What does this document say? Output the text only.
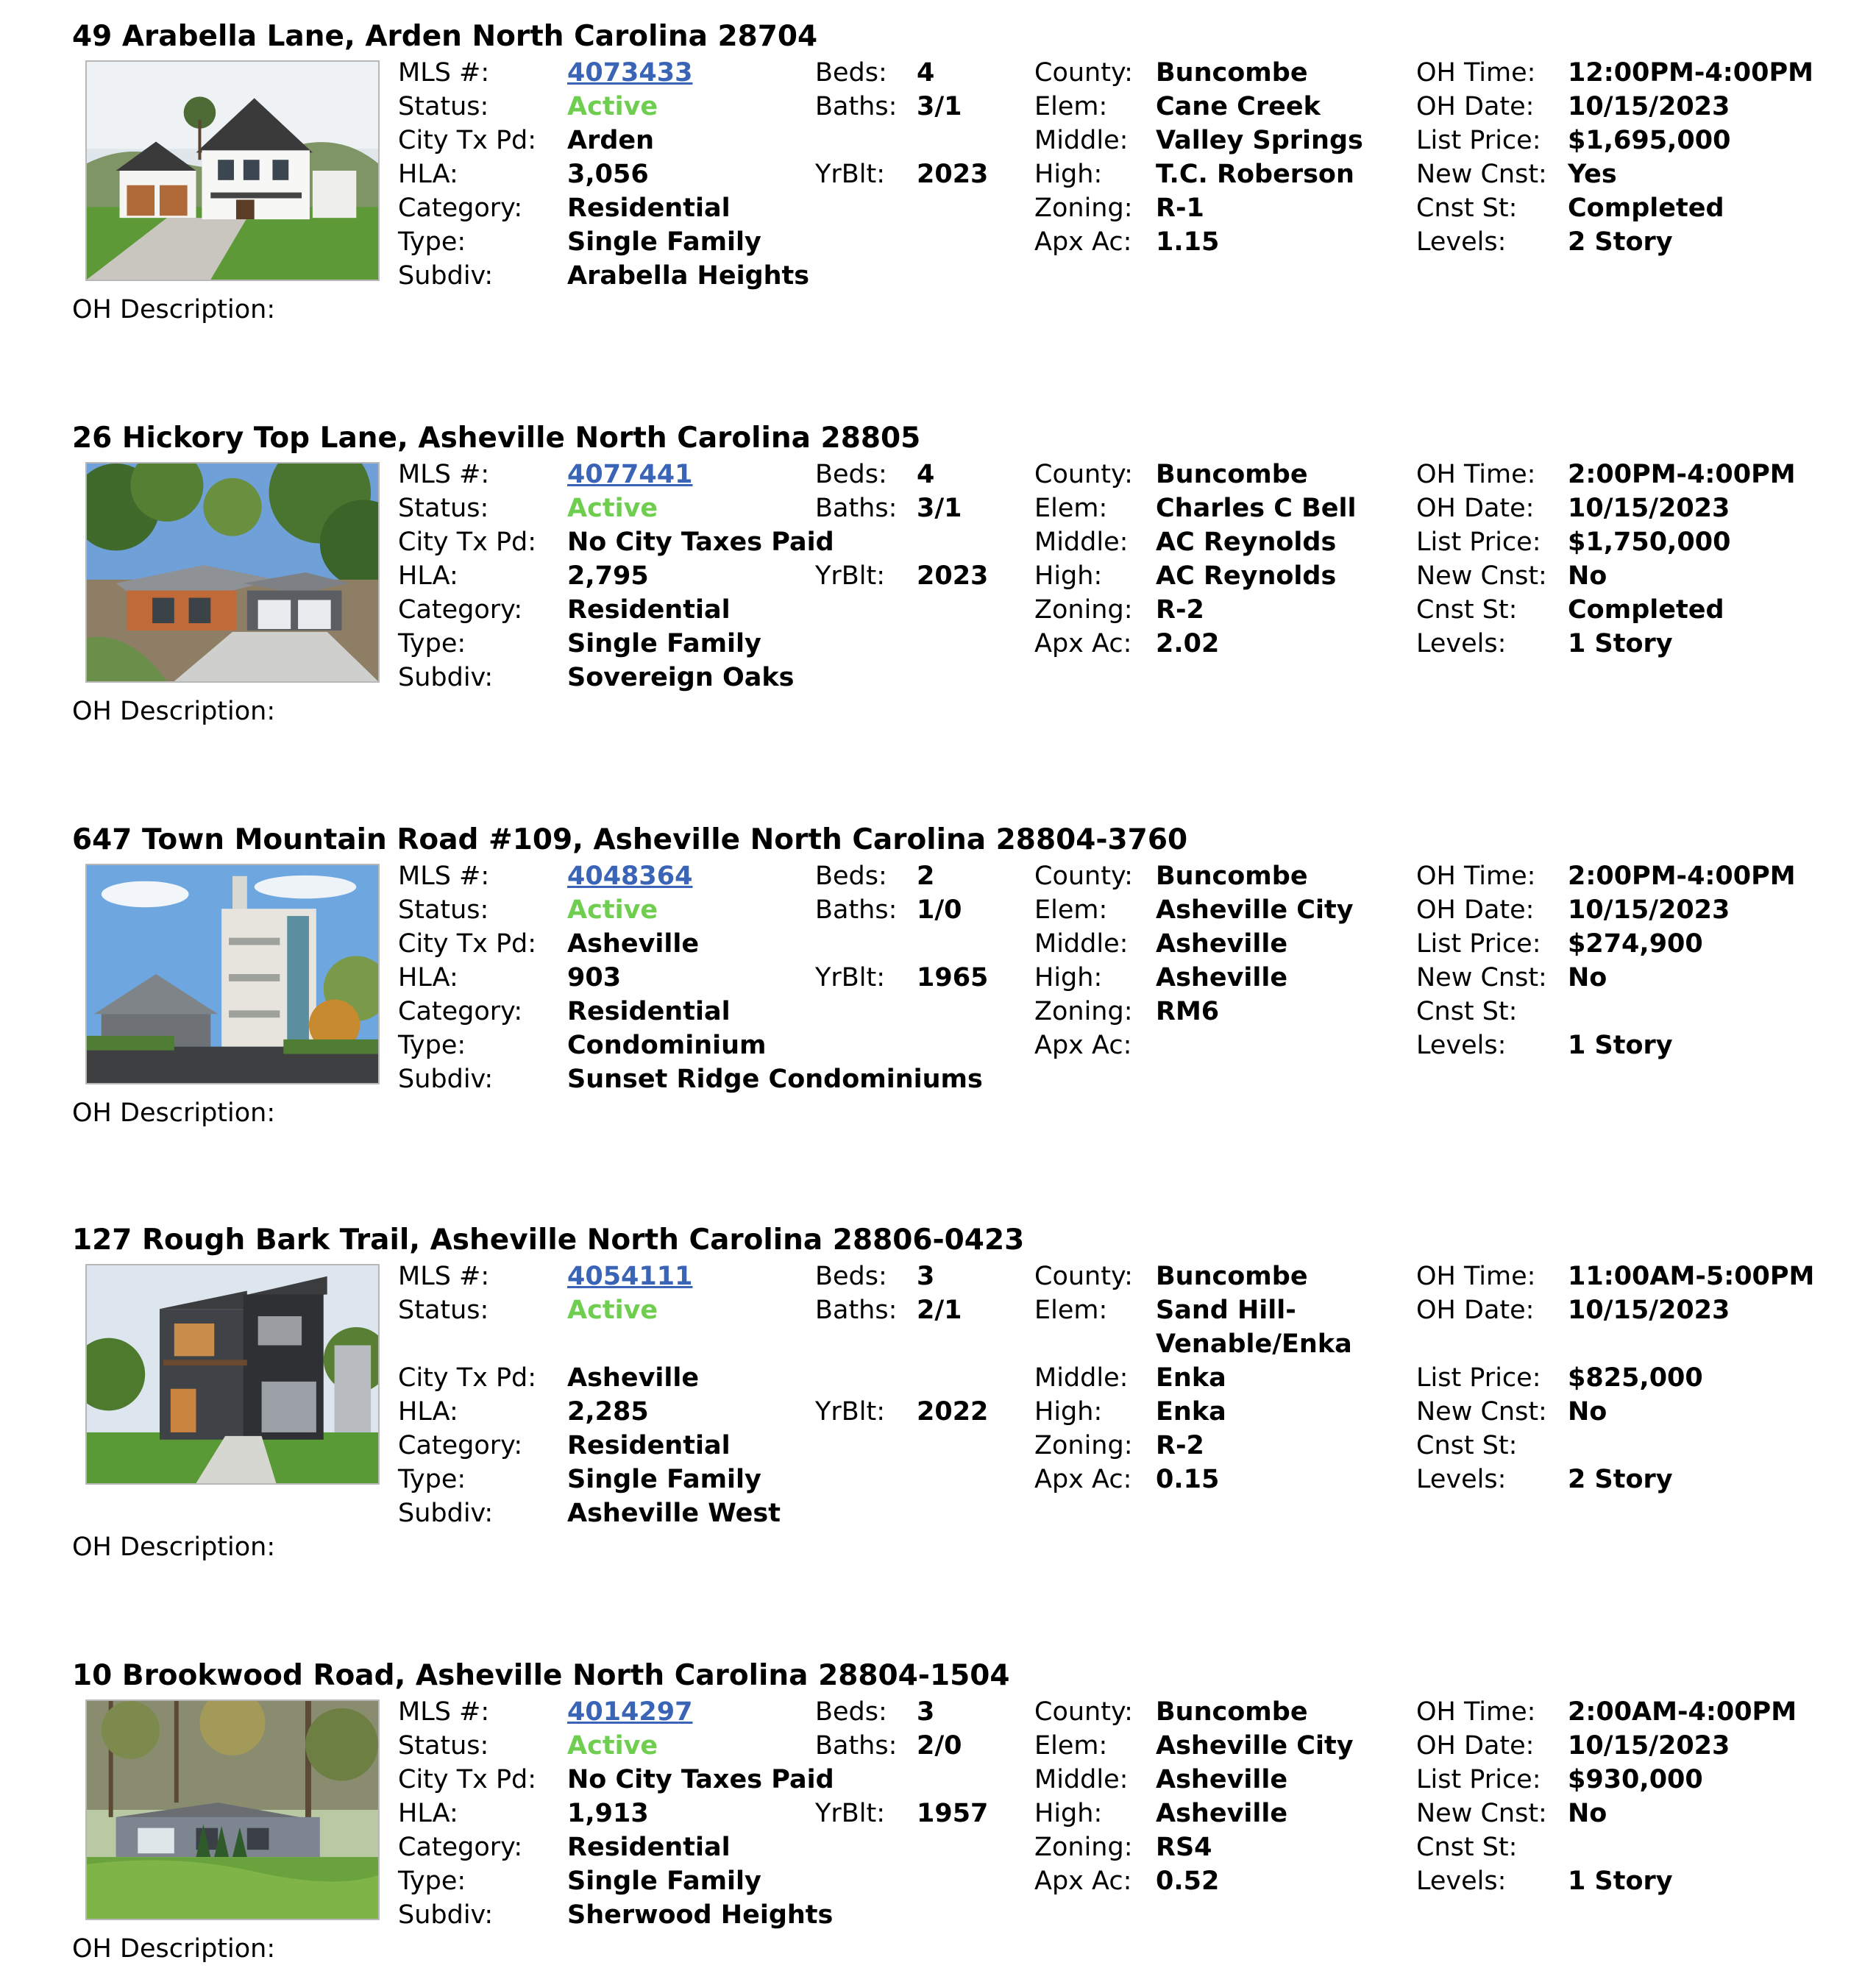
49 Arabella Lane, Arden North Carolina 28704
MLS #:	4073433
Status:	Active
City Tx Pd: Arden
HLA:	3,056
Category: Residential
Type:	Single Family
Subdiv:	Arabella Heights
Beds: 4
Baths: 3/1
YrBlt: 2023
County: Buncombe
Elem: Cane Creek
Middle: Valley Springs
High: T.C. Roberson
Zoning: R-1
Apx Ac: 1.15
OH Time: 12:00PM-4:00PM
OH Date: 10/15/2023
List Price: $1,695,000
New Cnst: Yes
Cnst St: Completed
Levels: 2 Story
OH Description:
26 Hickory Top Lane, Asheville North Carolina 28805
MLS #:	4077441
Status:	Active
City Tx Pd: No City Taxes Paid
HLA:	2,795
Category: Residential
Type:	Single Family
Subdiv:	Sovereign Oaks
Beds: 4
Baths: 3/1
YrBlt: 2023
County: Buncombe
Elem: Charles C Bell
Middle: AC Reynolds
High: AC Reynolds
Zoning: R-2
Apx Ac: 2.02
OH Time: 2:00PM-4:00PM
OH Date: 10/15/2023
List Price: $1,750,000
New Cnst: No
Cnst St: Completed
Levels: 1 Story
OH Description:
647 Town Mountain Road #109, Asheville North Carolina 28804-3760
MLS #:	4048364
Status:	Active
City Tx Pd: Asheville
HLA:	903
Category: Residential
Type:	Condominium
Subdiv:	Sunset Ridge Condominiums
Beds: 2
Baths: 1/0
YrBlt: 1965
County: Buncombe
Elem: Asheville City
Middle: Asheville
High: Asheville
Zoning: RM6
Apx Ac:
OH Time: 2:00PM-4:00PM
OH Date: 10/15/2023
List Price: $274,900
New Cnst: No
Cnst St:
Levels: 1 Story
OH Description:
127 Rough Bark Trail, Asheville North Carolina 28806-0423
MLS #:	4054111
Status:	Active
City Tx Pd: Asheville
HLA:	2,285
Category: Residential
Type:	Single Family
Subdiv:	Asheville West
Beds: 3
Baths: 2/1
YrBlt: 2022
County: Buncombe
Elem: Sand Hill-
Venable/Enka
Middle: Enka
High: Enka
Zoning: R-2
Apx Ac: 0.15
OH Time: 11:00AM-5:00PM
OH Date: 10/15/2023
List Price: $825,000
New Cnst: No
Cnst St:
Levels: 2 Story
OH Description:
10 Brookwood Road, Asheville North Carolina 28804-1504
MLS #:	4014297
Status:	Active
City Tx Pd: No City Taxes Paid
HLA:	1,913
Category: Residential
Type:	Single Family
Subdiv:	Sherwood Heights
Beds: 3
Baths: 2/0
YrBlt: 1957
County: Buncombe
Elem: Asheville City
Middle: Asheville
High: Asheville
Zoning: RS4
Apx Ac: 0.52
OH Time: 2:00AM-4:00PM
OH Date: 10/15/2023
List Price: $930,000
New Cnst: No
Cnst St:
Levels: 1 Story
OH Description:
